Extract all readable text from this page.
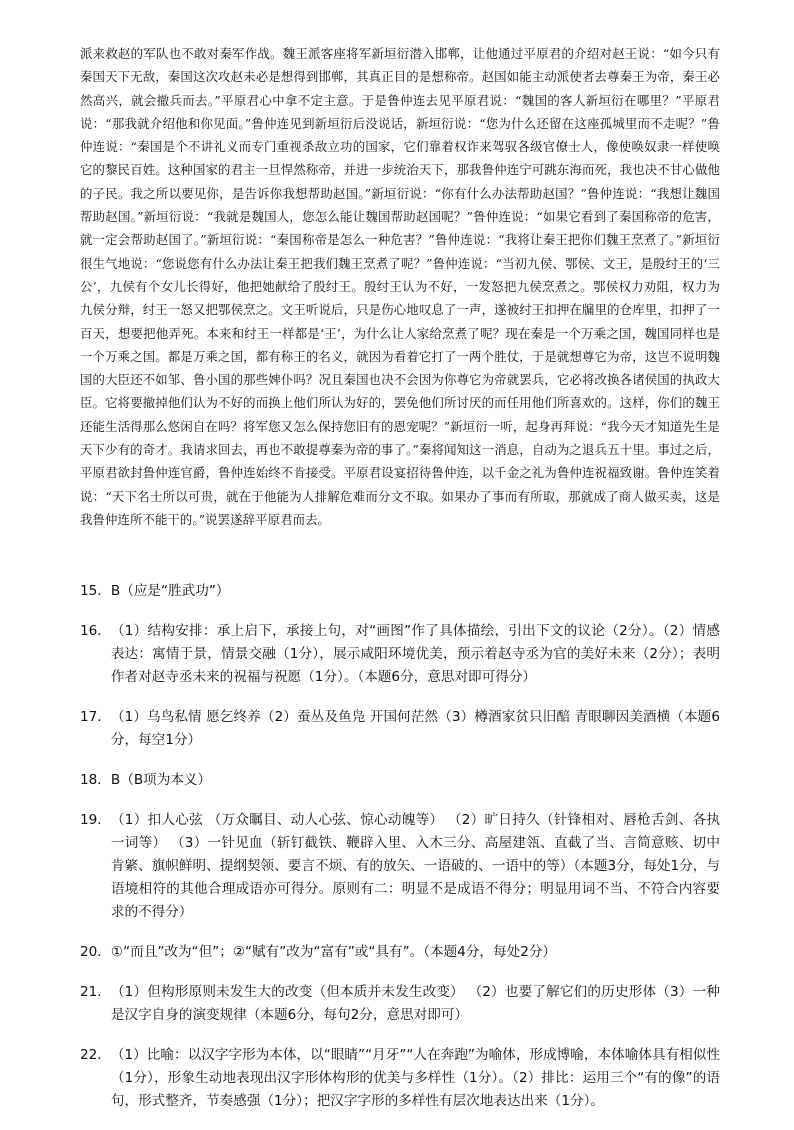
派来救赵的军队也不敢对秦军作战。魏王派客座将军新垣衍潜入邯郸，让他通过平原君的介绍对赵王说：“如今只有秦国天下无敌，秦国这次攻赵未必是想得到邯郸，其真正目的是想称帝。赵国如能主动派使者去尊秦王为帝，秦王必然高兴，就会撤兵而去。”平原君心中拿不定主意。于是鲁仲连去见平原君说：“魏国的客人新垣衍在哪里？”平原君说：“那我就介绍他和你见面。”鲁仲连见到新垣衍后没说话，新垣衍说：“您为什么还留在这座孤城里而不走呢？”鲁仲连说：“秦国是个不讲礼义而专门重视杀敌立功的国家，它们靠着权诈来驾驭各级官僚士人，像使唤奴隶一样使唤它的黎民百姓。这种国家的君主一旦悍然称帝，并进一步统治天下，那我鲁仲连宁可跳东海而死，我也决不甘心做他的子民。我之所以要见你，是告诉你我想帮助赵国。”新垣衍说：“你有什么办法帮助赵国？”鲁仲连说：“我想让魏国帮助赵国。”新垣衍说：“我就是魏国人，您怎么能让魏国帮助赵国呢？”鲁仲连说：“如果它看到了秦国称帝的危害，就一定会帮助赵国了。”新垣衍说：“秦国称帝是怎么一种危害？”鲁仲连说：“我将让秦王把你们魏王烹煮了。”新垣衍很生气地说：“您说您有什么办法让秦王把我们魏王烹煮了呢？”鲁仲连说：“当初九侯、鄂侯、文王，是殷纣王的‘三公’，九侯有个女儿长得好，他把她献给了殷纣王。殷纣王认为不好，一发怒把九侯烹煮之。鄂侯权力劝阻，权力为九侯分辩，纣王一怒又把鄂侯烹之。文王听说后，只是伤心地叹息了一声，遂被纣王扣押在牖里的仓库里，扣押了一百天，想要把他弄死。本来和纣王一样都是‘王’，为什么让人家给烹煮了呢？现在秦是一个万乘之国，魏国同样也是一个万乘之国。都是万乘之国，都有称王的名义，就因为看着它打了一两个胜仗，于是就想尊它为帝，这岂不说明魏国的大臣还不如邹、鲁小国的那些婢仆吗？况且秦国也决不会因为你尊它为帝就罢兵，它必将改换各诸侯国的执政大臣。它将要撤掉他们认为不好的而换上他们所认为好的，罢免他们所讨厌的而任用他们所喜欢的。这样，你们的魏王还能生活得那么悠闲自在吗？将军您又怎么保持您旧有的恩宠呢？”新垣衍一听，起身再拜说：“我今天才知道先生是天下少有的奇才。我请求回去，再也不敢提尊秦为帝的事了。”秦将闻知这一消息，自动为之退兵五十里。事过之后，平原君欲封鲁仲连官爵，鲁仲连始终不肯接受。平原君设宴招待鲁仲连，以千金之礼为鲁仲连祝福致谢。鲁仲连笑着说：“天下名士所以可贵，就在于他能为人排解危难而分文不取。如果办了事而有所取，那就成了商人做买卖，这是我鲁仲连所不能干的。”说罢遂辞平原君而去。

15． B（应是“胜武功”）
16． （1）结构安排：承上启下，承接上句，对“画图”作了具体描绘，引出下文的议论（2分）。（2）情感表达：寓情于景，情景交融（1分），展示咸阳环境优美，预示着赵寺丞为官的美好未来（2分）；表明作者对赵寺丞未来的祝福与祝愿（1分）。（本题6分，意思对即可得分）
17． （1）乌鸟私情 愿乞终养（2）蚕丛及鱼凫 开国何茫然（3）樽酒家贫只旧醅 青眼聊因美酒横（本题6分，每空1分）
18． B（B项为本义）
19． （1）扣人心弦 （万众瞩目、动人心弦、惊心动魄等） （2）旷日持久（针锋相对、唇枪舌剑、各执一词等） （3）一针见血（斩钉截铁、鞭辟入里、入木三分、高屋建瓴、直截了当、言简意赅、切中肯綮、旗帜鲜明、提纲契领、要言不烦、有的放矢、一语破的、一语中的等）（本题3分，每处1分，与语境相符的其他合理成语亦可得分。原则有二：明显不是成语不得分；明显用词不当、不符合内容要求的不得分）
20． ①“而且”改为“但”；②“赋有”改为“富有”或“具有”。（本题4分，每处2分）
21． （1）但构形原则未发生大的改变（但本质并未发生改变） （2）也要了解它们的历史形体（3）一种是汉字自身的演变规律（本题6分，每句2分，意思对即可）
22． （1）比喻：以汉字字形为本体，以“眼睛”“月牙”“人在奔跑”为喻体，形成博喻，本体喻体具有相似性（1分），形象生动地表现出汉字形体构形的优美与多样性（1分）。（2）排比：运用三个“有的像”的语句，形式整齐，节奏感强（1分）；把汉字字形的多样性有层次地表达出来（1分）。
